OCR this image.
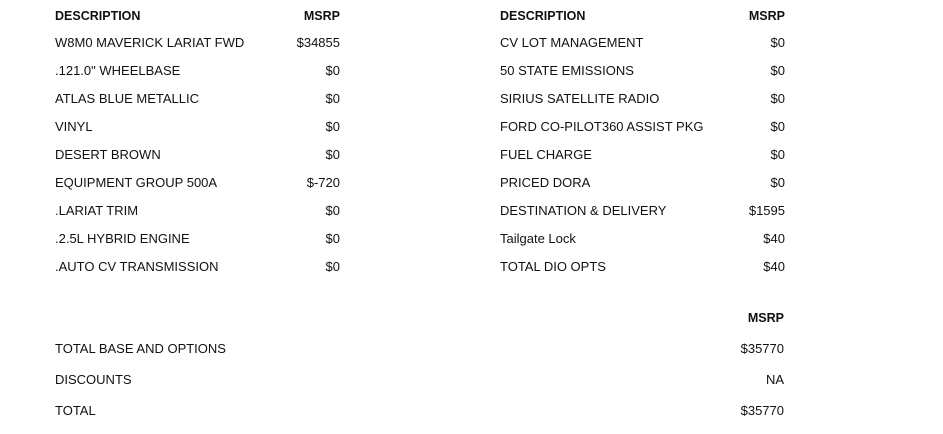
DESCRIPTION	MSRP
W8M0 MAVERICK LARIAT FWD	$34855
.121.0" WHEELBASE	$0
ATLAS BLUE METALLIC	$0
VINYL	$0
DESERT BROWN	$0
EQUIPMENT GROUP 500A	$-720
.LARIAT TRIM	$0
.2.5L HYBRID ENGINE	$0
.AUTO CV TRANSMISSION	$0
DESCRIPTION	MSRP
CV LOT MANAGEMENT	$0
50 STATE EMISSIONS	$0
SIRIUS SATELLITE RADIO	$0
FORD CO-PILOT360 ASSIST PKG	$0
FUEL CHARGE	$0
PRICED DORA	$0
DESTINATION & DELIVERY	$1595
Tailgate Lock	$40
TOTAL DIO OPTS	$40
MSRP
TOTAL BASE AND OPTIONS	$35770
DISCOUNTS	NA
TOTAL	$35770
